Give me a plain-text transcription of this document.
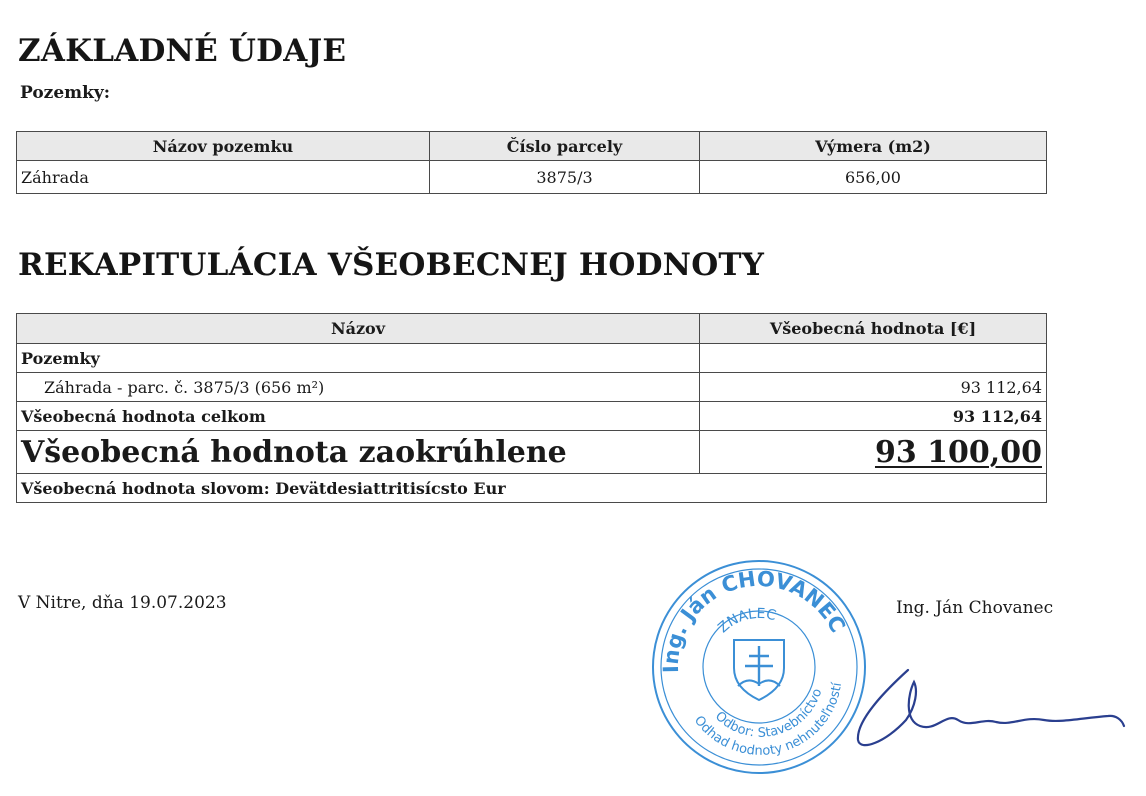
ZÁKLADNÉ ÚDAJE
Pozemky:
Názov pozemku	Číslo parcely	Výmera (m2)
Záhrada	3875/3	656,00
REKAPITULÁCIA VŠEOBECNEJ HODNOTY
Názov	Všeobecná hodnota [€]
Pozemky	
Záhrada - parc. č. 3875/3 (656 m²)	93 112,64
Všeobecná hodnota celkom	93 112,64
Všeobecná hodnota zaokrúhlene	93 100,00
Všeobecná hodnota slovom: Devätdesiattritisícsto Eur	
V Nitre, dňa 19.07.2023	Ing. Ján Chovanec
Ing. Ján CHOVANEC
ZNALEC
Odbor: Stavebníctvo
Odhad hodnoty nehnuteľností
